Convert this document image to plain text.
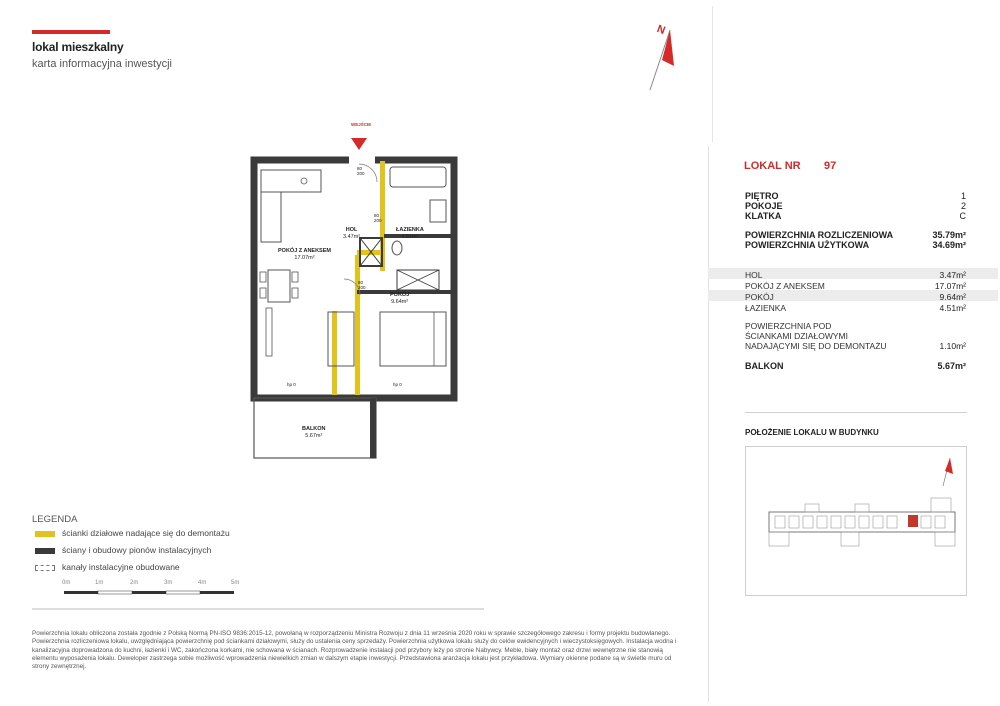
lokal mieszkalny
karta informacyjna inwestycji
N
HOL
3.47m²
ŁAZIENKA
4.51m²
POKÓJ Z ANEKSEM
17.07m²
POKÓJ
9.64m²
BALKON
5.67m²
WEJŚCIE
80 200
80 200
80 200
hp 0	hp 0
LOKAL NR 97
PIĘTRO	1
POKOJE	2
KLATKA	C
POWIERZCHNIA ROZLICZENIOWA	35.79m²
POWIERZCHNIA UŻYTKOWA	34.69m²
HOL	3.47m²
POKÓJ Z ANEKSEM	17.07m²
POKÓJ	9.64m²
ŁAZIENKA	4.51m²
POWIERZCHNIA POD
ŚCIANKAMI DZIAŁOWYMI
NADAJĄCYMI SIĘ DO DEMONTAŻU	1.10m²
BALKON	5.67m²
POŁOŻENIE LOKALU W BUDYNKU
LEGENDA
ścianki działowe nadające się do demontażu
ściany i obudowy pionów instalacyjnych
kanały instalacyjne obudowane
0m	1m	2m	3m	4m	5m
Powierzchnia lokalu obliczona została zgodnie z Polską Normą PN-ISO 9836:2015-12, powołaną w rozporządzeniu Ministra Rozwoju z dnia 11 września 2020 roku w sprawie szczegółowego zakresu i formy projektu budowlanego. Powierzchnia rozliczeniowa lokalu, uwzględniająca powierzchnię pod ściankami działowymi, służy do ustalenia ceny sprzedaży. Powierzchnia użytkowa lokalu służy do celów ewidencyjnych i wieczystoksięgowych. Instalacja wodna i kanalizacyjna doprowadzona do kuchni, łazienki i WC, zakończona korkami, nie schowana w ścianach. Rozprowadzenie instalacji pod przybory leży po stronie Nabywcy. Meble, biały montaż oraz drzwi wewnętrzne nie stanowią elementu wyposażenia lokalu. Deweloper zastrzega sobie możliwość wprowadzenia niewielkich zmian w dalszym etapie inwestycji. Przedstawiona aranżacja lokalu jest przykładowa. Wymiary okienne podane są w świetle muru od strony zewnętrznej.
